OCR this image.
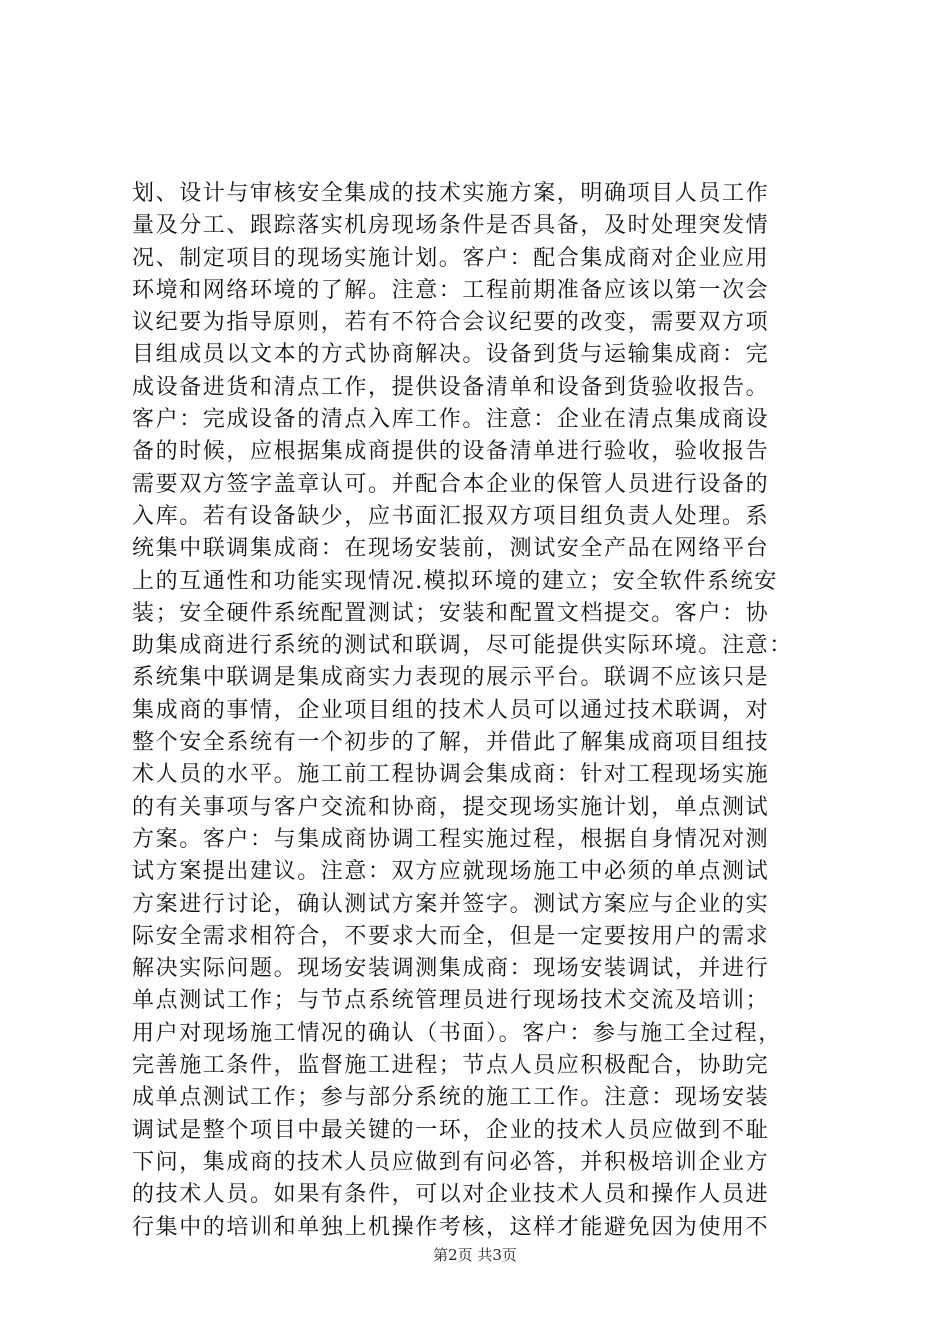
划、设计与审核安全集成的技术实施方案，明确项目人员工作
量及分工、跟踪落实机房现场条件是否具备，及时处理突发情
况、制定项目的现场实施计划。客户：配合集成商对企业应用
环境和网络环境的了解。注意：工程前期准备应该以第一次会
议纪要为指导原则，若有不符合会议纪要的改变，需要双方项
目组成员以文本的方式协商解决。设备到货与运输集成商：完
成设备进货和清点工作，提供设备清单和设备到货验收报告。
客户：完成设备的清点入库工作。注意：企业在清点集成商设
备的时候，应根据集成商提供的设备清单进行验收，验收报告
需要双方签字盖章认可。并配合本企业的保管人员进行设备的
入库。若有设备缺少，应书面汇报双方项目组负责人处理。系
统集中联调集成商：在现场安装前，测试安全产品在网络平台
上的互通性和功能实现情况.模拟环境的建立；安全软件系统安
装；安全硬件系统配置测试；安装和配置文档提交。客户：协
助集成商进行系统的测试和联调，尽可能提供实际环境。注意：
系统集中联调是集成商实力表现的展示平台。联调不应该只是
集成商的事情，企业项目组的技术人员可以通过技术联调，对
整个安全系统有一个初步的了解，并借此了解集成商项目组技
术人员的水平。施工前工程协调会集成商：针对工程现场实施
的有关事项与客户交流和协商，提交现场实施计划，单点测试
方案。客户：与集成商协调工程实施过程，根据自身情况对测
试方案提出建议。注意：双方应就现场施工中必须的单点测试
方案进行讨论，确认测试方案并签字。测试方案应与企业的实
际安全需求相符合，不要求大而全，但是一定要按用户的需求
解决实际问题。现场安装调测集成商：现场安装调试，并进行
单点测试工作；与节点系统管理员进行现场技术交流及培训；
用户对现场施工情况的确认（书面）。客户：参与施工全过程，
完善施工条件，监督施工进程；节点人员应积极配合，协助完
成单点测试工作；参与部分系统的施工工作。注意：现场安装
调试是整个项目中最关键的一环，企业的技术人员应做到不耻
下问，集成商的技术人员应做到有问必答，并积极培训企业方
的技术人员。如果有条件，可以对企业技术人员和操作人员进
行集中的培训和单独上机操作考核，这样才能避免因为使用不
第2页 共3页
